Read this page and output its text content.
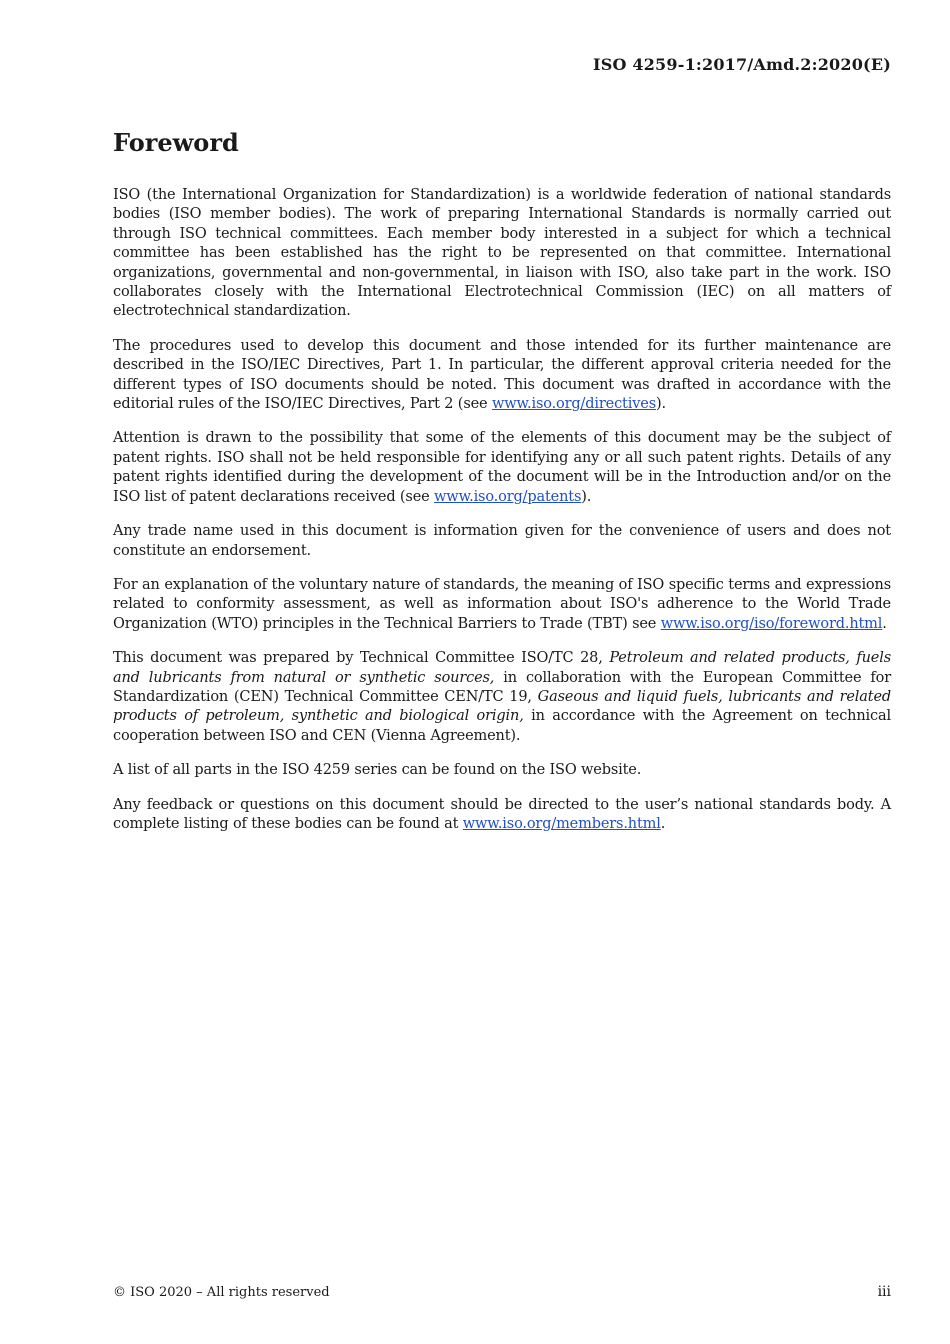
ISO 4259-1:2017/Amd.2:2020(E)
Foreword

ISO (the International Organization for Standardization) is a worldwide federation of national standards bodies (ISO member bodies). The work of preparing International Standards is normally carried out through ISO technical committees. Each member body interested in a subject for which a technical committee has been established has the right to be represented on that committee. International organizations, governmental and non-governmental, in liaison with ISO, also take part in the work. ISO collaborates closely with the International Electrotechnical Commission (IEC) on all matters of electrotechnical standardization.

The procedures used to develop this document and those intended for its further maintenance are described in the ISO/IEC Directives, Part 1. In particular, the different approval criteria needed for the different types of ISO documents should be noted. This document was drafted in accordance with the editorial rules of the ISO/IEC Directives, Part 2 (see www.iso.org/directives).

Attention is drawn to the possibility that some of the elements of this document may be the subject of patent rights. ISO shall not be held responsible for identifying any or all such patent rights. Details of any patent rights identified during the development of the document will be in the Introduction and/or on the ISO list of patent declarations received (see www.iso.org/patents).

Any trade name used in this document is information given for the convenience of users and does not constitute an endorsement.

For an explanation of the voluntary nature of standards, the meaning of ISO specific terms and expressions related to conformity assessment, as well as information about ISO's adherence to the World Trade Organization (WTO) principles in the Technical Barriers to Trade (TBT) see www.iso.org/iso/foreword.html.

This document was prepared by Technical Committee ISO/TC 28, Petroleum and related products, fuels and lubricants from natural or synthetic sources, in collaboration with the European Committee for Standardization (CEN) Technical Committee CEN/TC 19, Gaseous and liquid fuels, lubricants and related products of petroleum, synthetic and biological origin, in accordance with the Agreement on technical cooperation between ISO and CEN (Vienna Agreement).

A list of all parts in the ISO 4259 series can be found on the ISO website.

Any feedback or questions on this document should be directed to the user’s national standards body. A complete listing of these bodies can be found at www.iso.org/members.html.

© ISO 2020 – All rights reserved	iii
